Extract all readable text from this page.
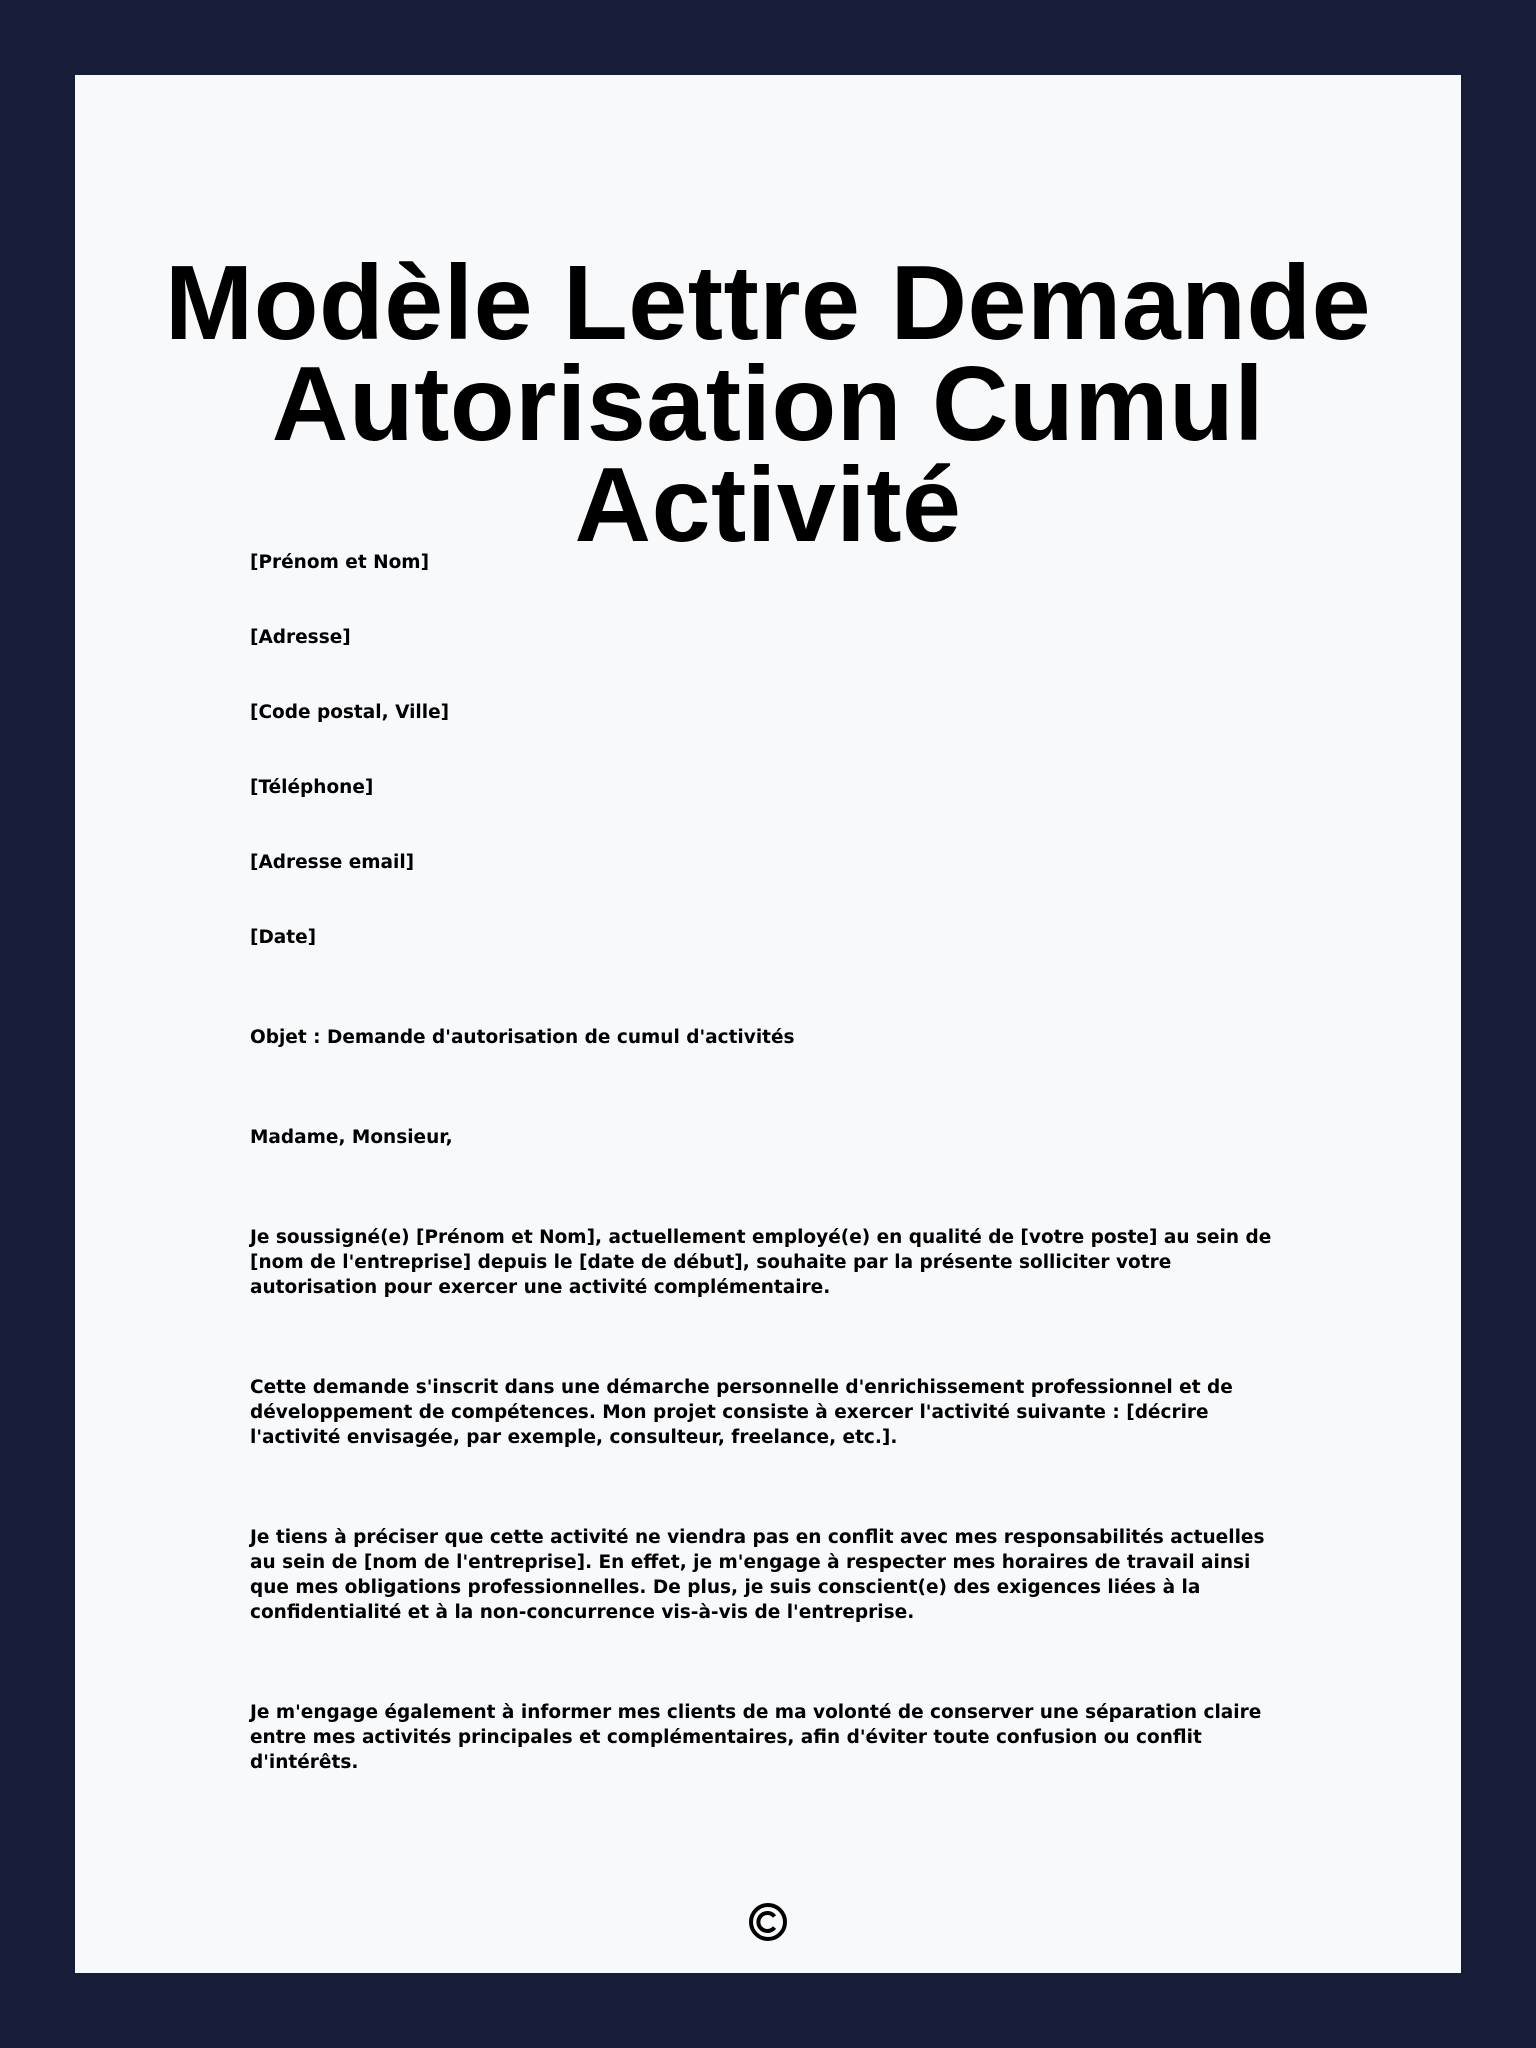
Modèle Lettre Demande Autorisation Cumul Activité

[Prénom et Nom]

[Adresse]

[Code postal, Ville]

[Téléphone]

[Adresse email]

[Date]

Objet : Demande d'autorisation de cumul d'activités

Madame, Monsieur,

Je soussigné(e) [Prénom et Nom], actuellement employé(e) en qualité de [votre poste] au sein de [nom de l'entreprise] depuis le [date de début], souhaite par la présente solliciter votre autorisation pour exercer une activité complémentaire.

Cette demande s'inscrit dans une démarche personnelle d'enrichissement professionnel et de développement de compétences. Mon projet consiste à exercer l'activité suivante : [décrire l'activité envisagée, par exemple, consulteur, freelance, etc.].

Je tiens à préciser que cette activité ne viendra pas en conflit avec mes responsabilités actuelles au sein de [nom de l'entreprise]. En effet, je m'engage à respecter mes horaires de travail ainsi que mes obligations professionnelles. De plus, je suis conscient(e) des exigences liées à la confidentialité et à la non-concurrence vis-à-vis de l'entreprise.

Je m'engage également à informer mes clients de ma volonté de conserver une séparation claire entre mes activités principales et complémentaires, afin d'éviter toute confusion ou conflit d'intérêts.
